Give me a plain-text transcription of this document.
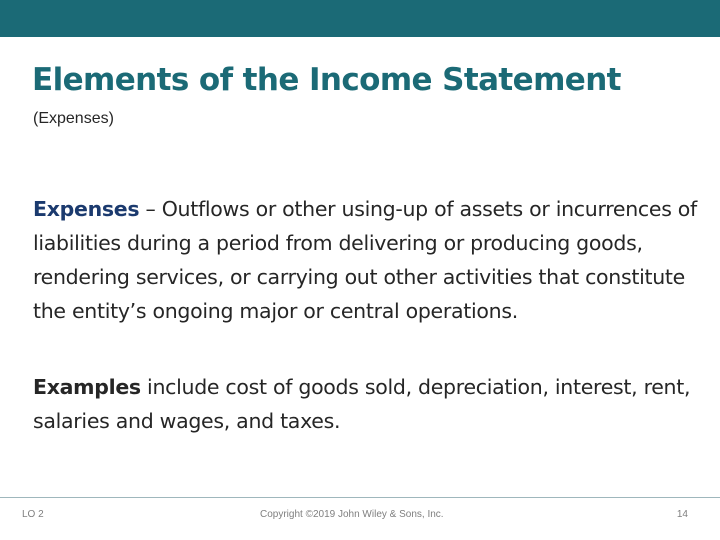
Elements of the Income Statement
(Expenses)

Expenses – Outflows or other using-up of assets or incurrences of liabilities during a period from delivering or producing goods, rendering services, or carrying out other activities that constitute the entity’s ongoing major or central operations.

Examples include cost of goods sold, depreciation, interest, rent, salaries and wages, and taxes.

LO 2	Copyright ©2019 John Wiley & Sons, Inc.	14
